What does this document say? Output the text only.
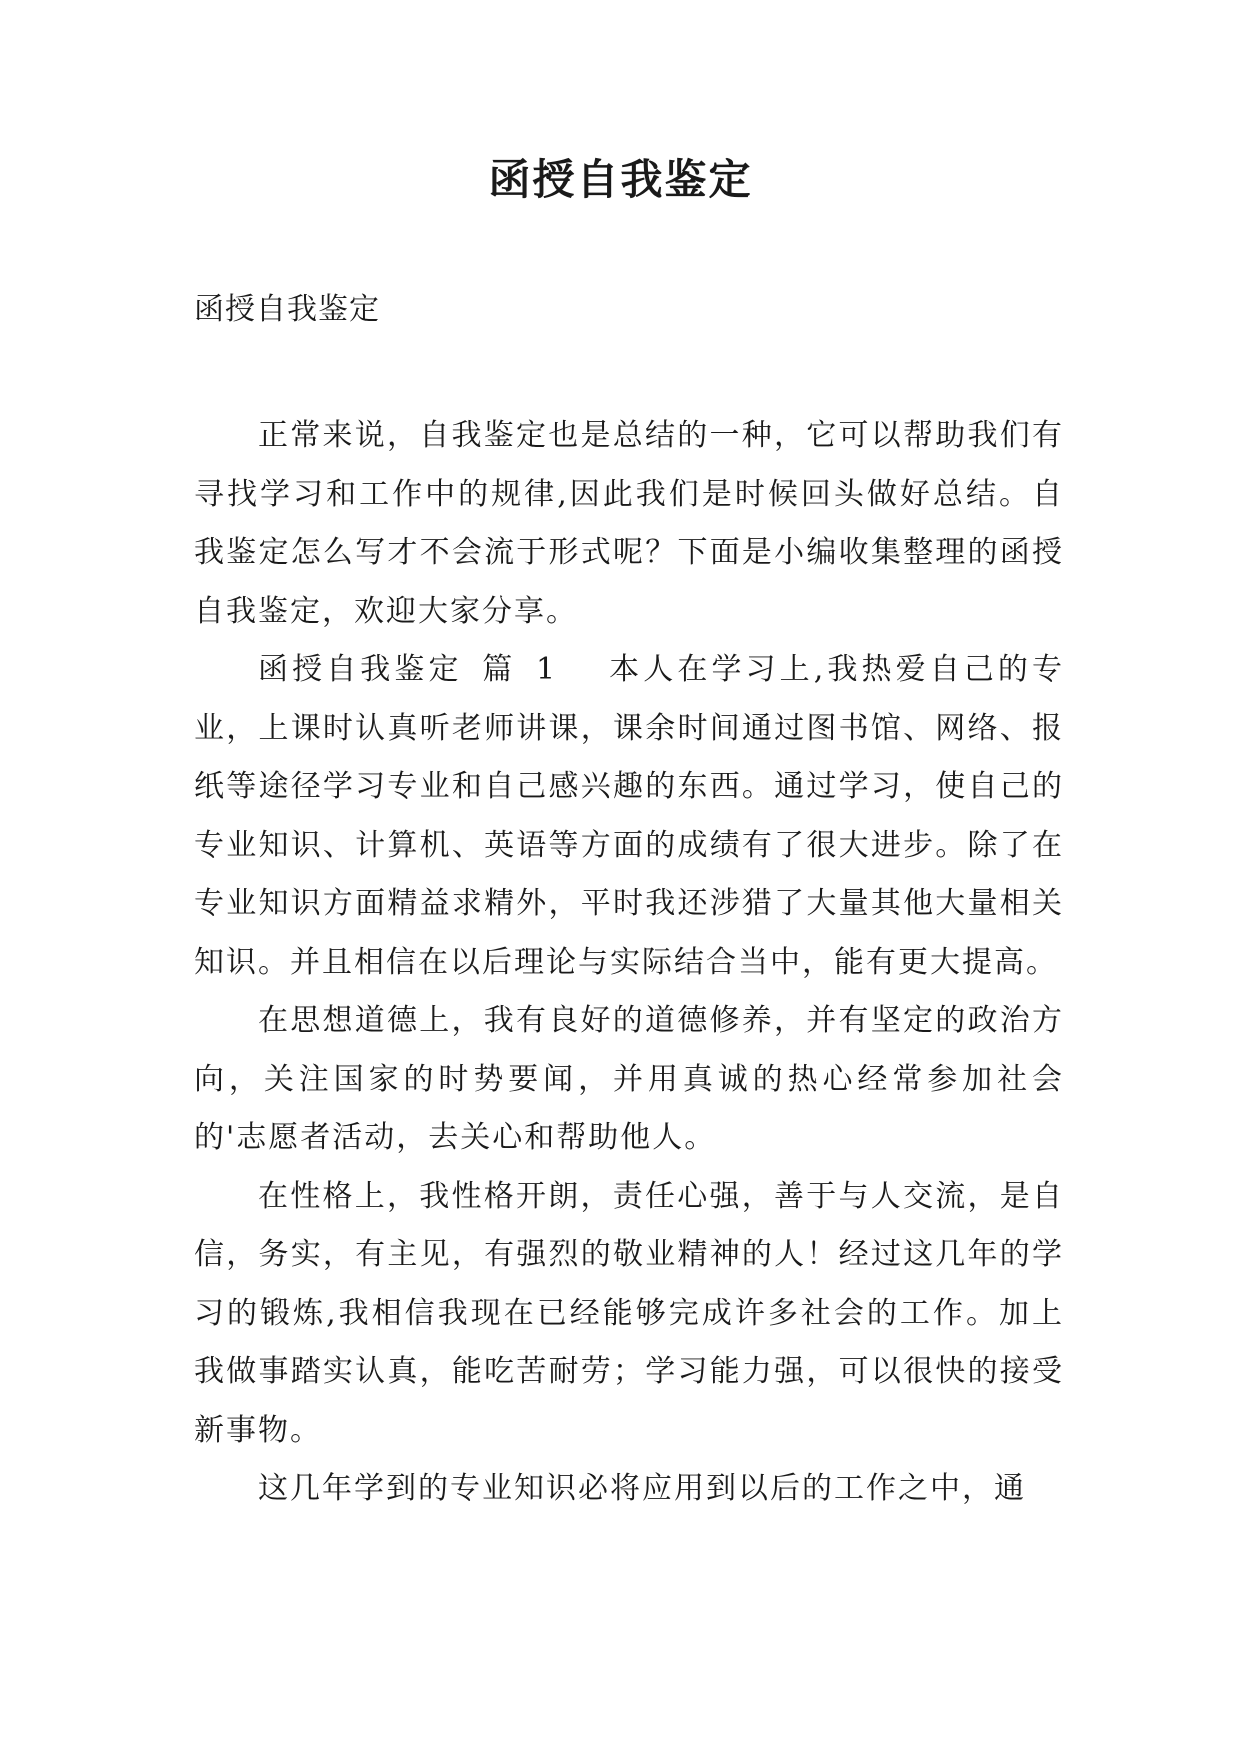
函授自我鉴定

函授自我鉴定

正常来说，自我鉴定也是总结的一种，它可以帮助我们有寻找学习和工作中的规律,因此我们是时候回头做好总结。自我鉴定怎么写才不会流于形式呢？下面是小编收集整理的函授自我鉴定，欢迎大家分享。

函授自我鉴定 篇 1 本人在学习上,我热爱自己的专业，上课时认真听老师讲课，课余时间通过图书馆、网络、报纸等途径学习专业和自己感兴趣的东西。通过学习，使自己的专业知识、计算机、英语等方面的成绩有了很大进步。除了在专业知识方面精益求精外，平时我还涉猎了大量其他大量相关知识。并且相信在以后理论与实际结合当中，能有更大提高。

在思想道德上，我有良好的道德修养，并有坚定的政治方向，关注国家的时势要闻，并用真诚的热心经常参加社会的'志愿者活动，去关心和帮助他人。

在性格上，我性格开朗，责任心强，善于与人交流，是自信，务实，有主见，有强烈的敬业精神的人！经过这几年的学习的锻炼,我相信我现在已经能够完成许多社会的工作。加上我做事踏实认真，能吃苦耐劳；学习能力强，可以很快的接受新事物。

这几年学到的专业知识必将应用到以后的工作之中，通
